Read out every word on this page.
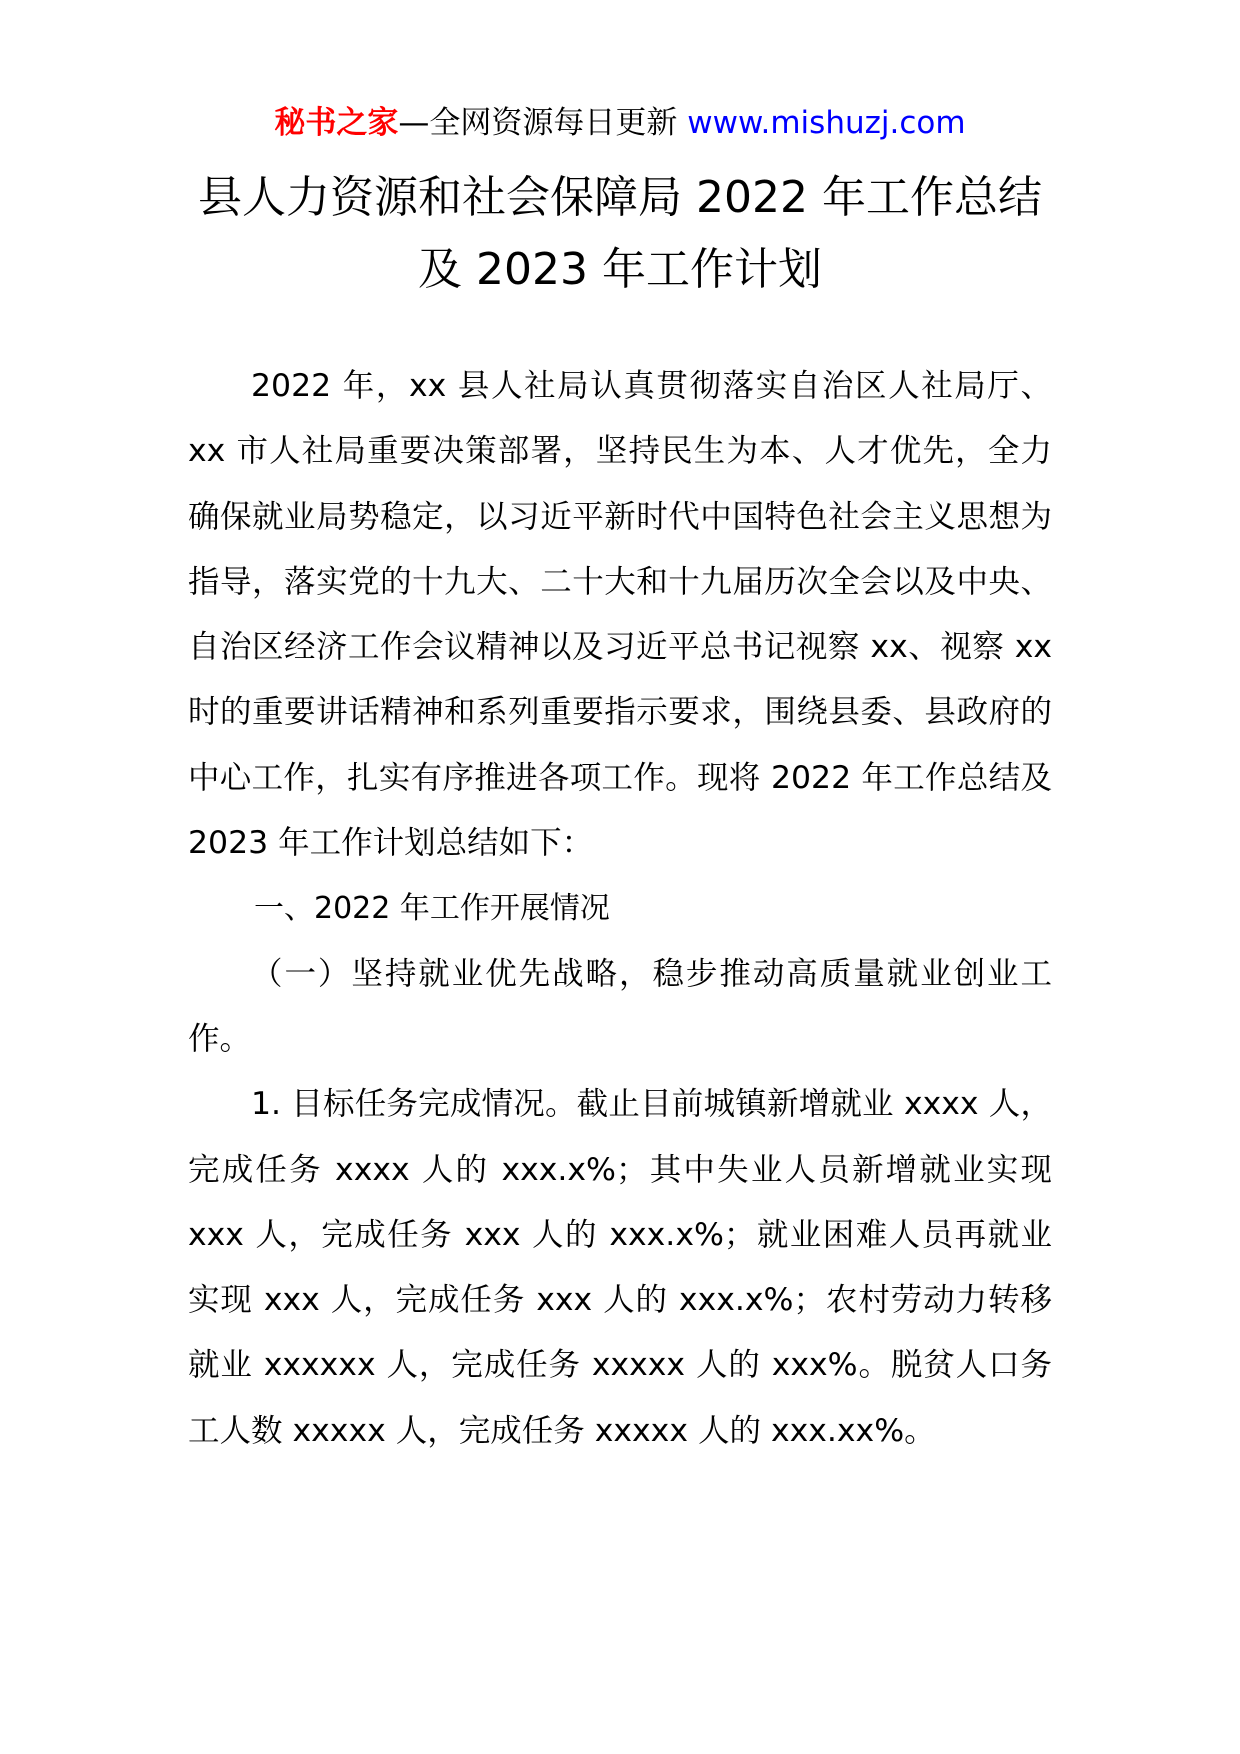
秘书之家—全网资源每日更新 www.mishuzj.com
县人力资源和社会保障局 2022 年工作总结
及 2023 年工作计划

2022 年，xx 县人社局认真贯彻落实自治区人社局厅、xx 市人社局重要决策部署，坚持民生为本、人才优先，全力确保就业局势稳定，以习近平新时代中国特色社会主义思想为指导，落实党的十九大、二十大和十九届历次全会以及中央、自治区经济工作会议精神以及习近平总书记视察 xx、视察 xx 时的重要讲话精神和系列重要指示要求，围绕县委、县政府的中心工作，扎实有序推进各项工作。现将 2022 年工作总结及 2023 年工作计划总结如下：

一、2022 年工作开展情况

（一）坚持就业优先战略，稳步推动高质量就业创业工作。

1. 目标任务完成情况。截止目前城镇新增就业 xxxx 人，完成任务 xxxx 人的 xxx.x%；其中失业人员新增就业实现 xxx 人，完成任务 xxx 人的 xxx.x%；就业困难人员再就业实现 xxx 人，完成任务 xxx 人的 xxx.x%；农村劳动力转移就业 xxxxxx 人，完成任务 xxxxx 人的 xxx%。脱贫人口务工人数 xxxxx 人，完成任务 xxxxx 人的 xxx.xx%。
